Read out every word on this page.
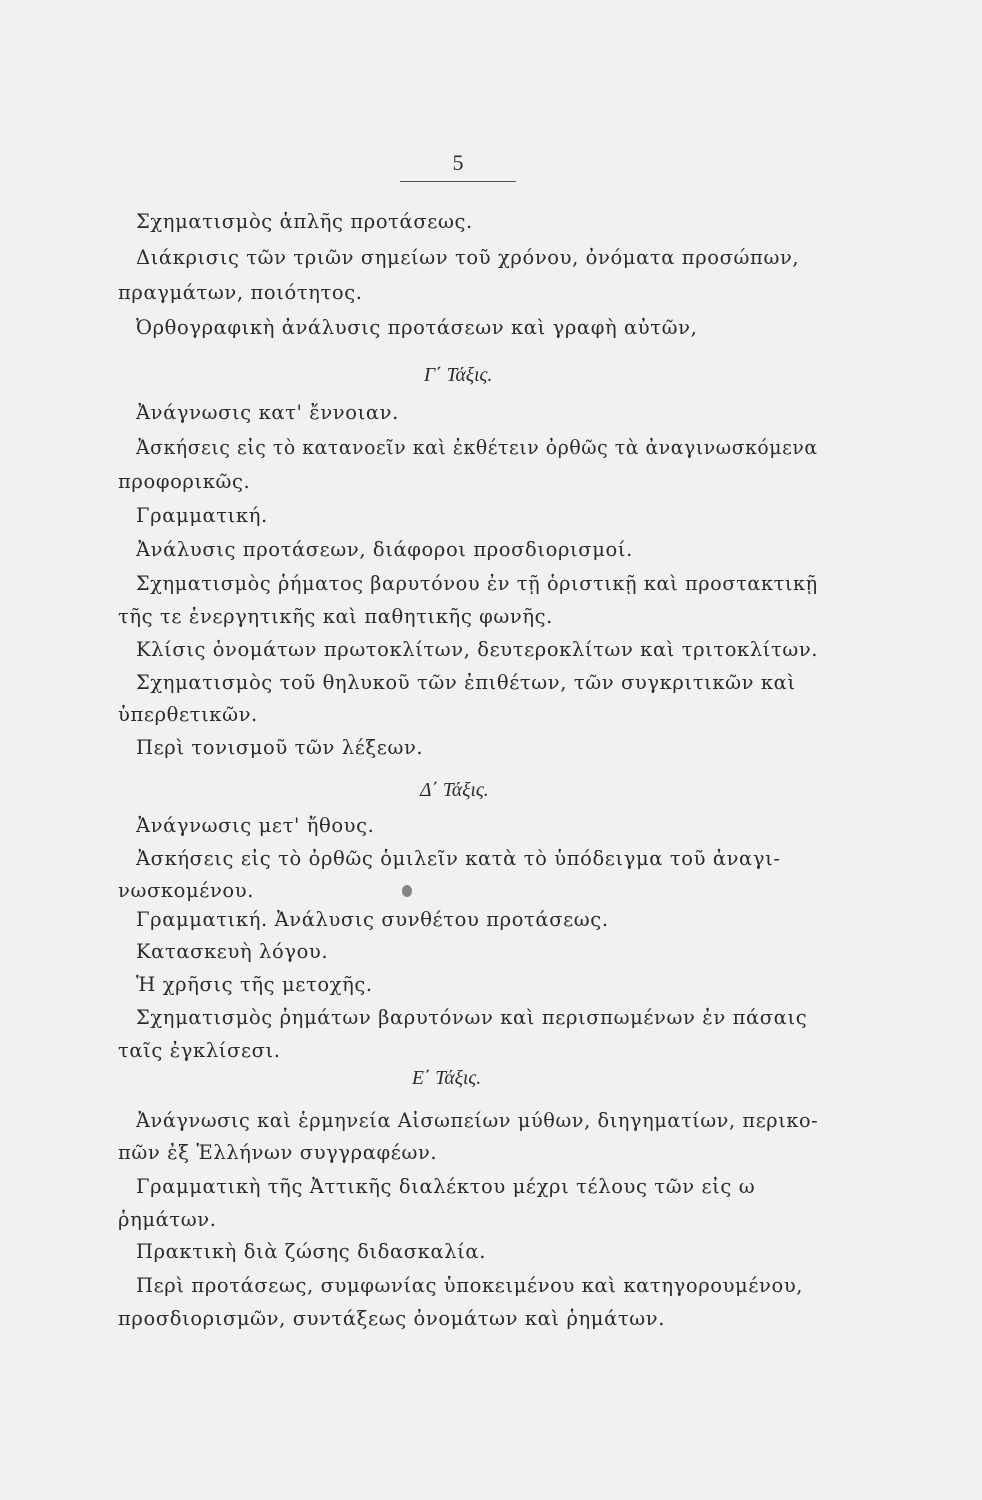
5
Σχηματισμὸς ἁπλῆς προτάσεως.
Διάκρισις τῶν τριῶν σημείων τοῦ χρόνου, ὀνόματα προσώπων,
πραγμάτων, ποιότητος.
Ὀρθογραφικὴ ἀνάλυσις προτάσεων καὶ γραφὴ αὐτῶν,
Γ΄ Τάξις.
Ἀνάγνωσις κατ' ἔννοιαν.
Ἀσκήσεις εἰς τὸ κατανοεῖν καὶ ἐκθέτειν ὀρθῶς τὰ ἀναγινωσκόμενα
προφορικῶς.
Γραμματική.
Ἀνάλυσις προτάσεων, διάφοροι προσδιορισμοί.
Σχηματισμὸς ῥήματος βαρυτόνου ἐν τῇ ὁριστικῇ καὶ προστακτικῇ
τῆς τε ἐνεργητικῆς καὶ παθητικῆς φωνῆς.
Κλίσις ὀνομάτων πρωτοκλίτων, δευτεροκλίτων καὶ τριτοκλίτων.
Σχηματισμὸς τοῦ θηλυκοῦ τῶν ἐπιθέτων, τῶν συγκριτικῶν καὶ
ὑπερθετικῶν.
Περὶ τονισμοῦ τῶν λέξεων.
Δ΄ Τάξις.
Ἀνάγνωσις μετ' ἤθους.
Ἀσκήσεις εἰς τὸ ὀρθῶς ὁμιλεῖν κατὰ τὸ ὑπόδειγμα τοῦ ἀναγι-
νωσκομένου.
Γραμματική. Ἀνάλυσις συνθέτου προτάσεως.
Κατασκευὴ λόγου.
Ἡ χρῆσις τῆς μετοχῆς.
Σχηματισμὸς ῥημάτων βαρυτόνων καὶ περισπωμένων ἐν πάσαις
ταῖς ἐγκλίσεσι.
Ε΄ Τάξις.
Ἀνάγνωσις καὶ ἑρμηνεία Αἰσωπείων μύθων, διηγηματίων, περικο-
πῶν ἐξ Ἑλλήνων συγγραφέων.
Γραμματικὴ τῆς Ἀττικῆς διαλέκτου μέχρι τέλους τῶν εἰς ω
ῥημάτων.
Πρακτικὴ διὰ ζώσης διδασκαλία.
Περὶ προτάσεως, συμφωνίας ὑποκειμένου καὶ κατηγορουμένου,
προσδιορισμῶν, συντάξεως ὀνομάτων καὶ ῥημάτων.
